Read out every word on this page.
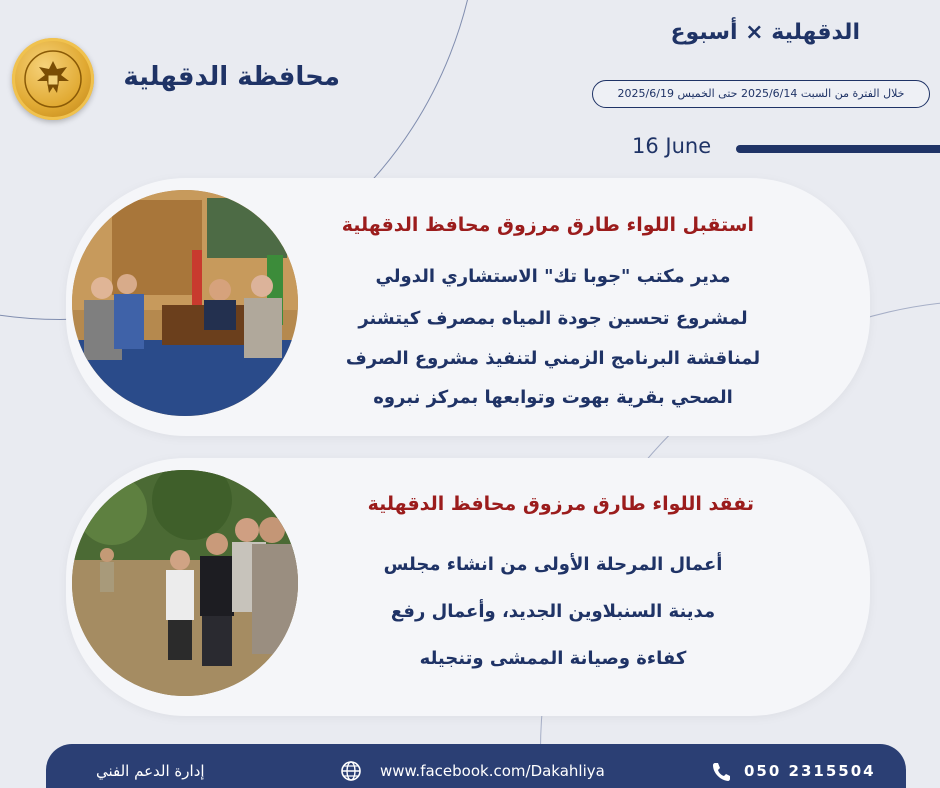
محافظة الدقهلية
الدقهلية × أسبوع
خلال الفترة من السبت 2025/6/14 حتى الخميس 2025/6/19
16 June
استقبل اللواء طارق مرزوق محافظ الدقهلية
مدير مكتب "جوبا تك" الاستشاري الدولي
لمشروع تحسين جودة المياه بمصرف كيتشنر
لمناقشة البرنامج الزمني لتنفيذ مشروع الصرف
الصحي بقرية بهوت وتوابعها بمركز نبروه
تفقد اللواء طارق مرزوق محافظ الدقهلية
أعمال المرحلة الأولى من انشاء مجلس
مدينة السنبلاوين الجديد، وأعمال رفع
كفاءة وصيانة الممشى وتنجيله
إدارة الدعم الفني	www.facebook.com/Dakahliya	050 2315504
